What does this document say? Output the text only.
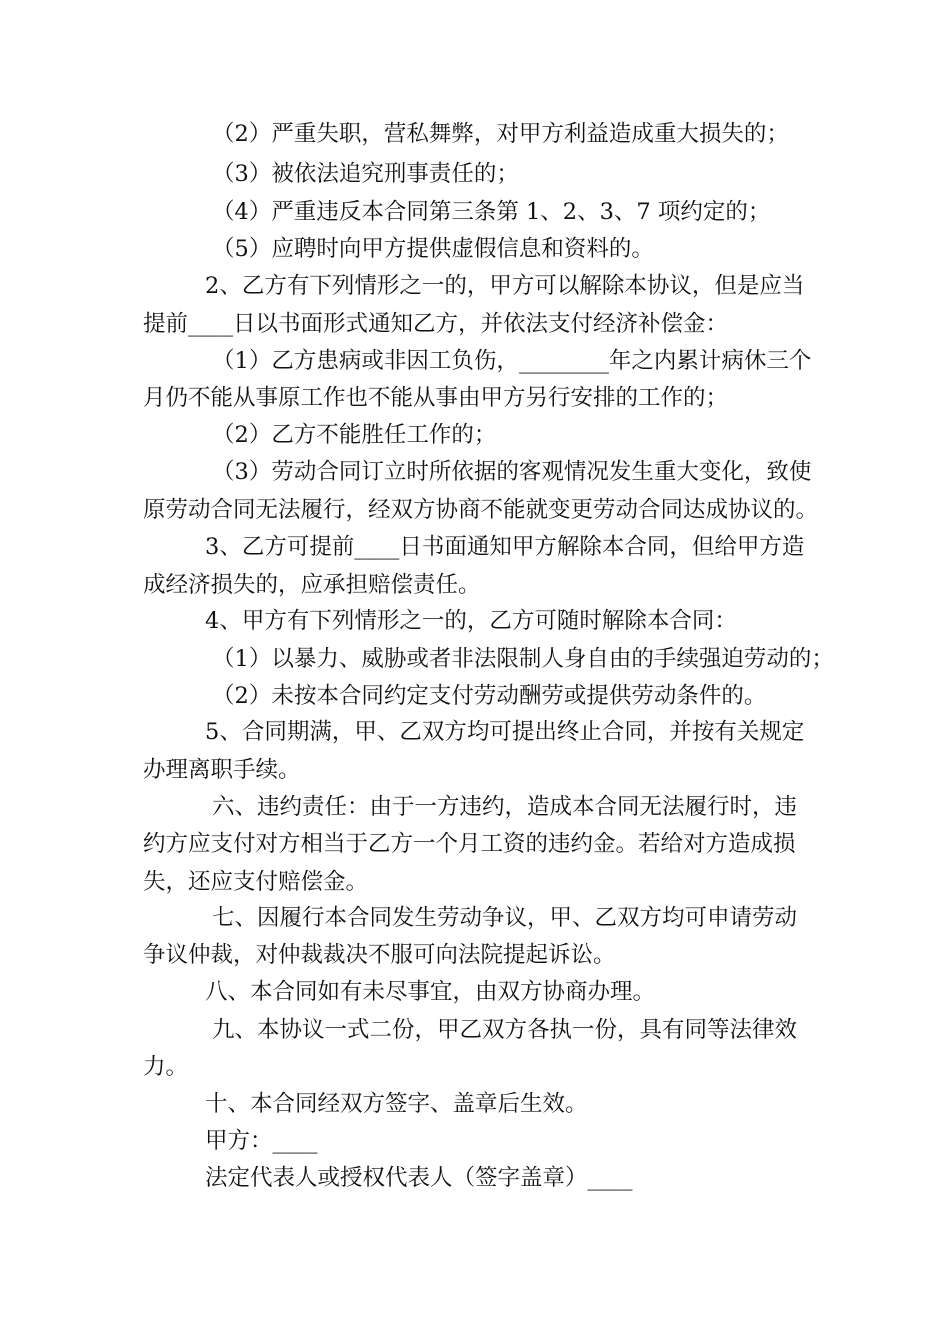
（2）严重失职，营私舞弊，对甲方利益造成重大损失的；
（3）被依法追究刑事责任的；
（4）严重违反本合同第三条第 1、2、3、7 项约定的；
（5）应聘时向甲方提供虚假信息和资料的。
2、乙方有下列情形之一的，甲方可以解除本协议，但是应当
提前____日以书面形式通知乙方，并依法支付经济补偿金：
（1）乙方患病或非因工负伤，________年之内累计病休三个
月仍不能从事原工作也不能从事由甲方另行安排的工作的；
（2）乙方不能胜任工作的；
（3）劳动合同订立时所依据的客观情况发生重大变化，致使
原劳动合同无法履行，经双方协商不能就变更劳动合同达成协议的。
3、乙方可提前____日书面通知甲方解除本合同，但给甲方造
成经济损失的，应承担赔偿责任。
4、甲方有下列情形之一的，乙方可随时解除本合同：
（1）以暴力、威胁或者非法限制人身自由的手续强迫劳动的；
（2）未按本合同约定支付劳动酬劳或提供劳动条件的。
5、合同期满，甲、乙双方均可提出终止合同，并按有关规定
办理离职手续。
六、违约责任：由于一方违约，造成本合同无法履行时，违
约方应支付对方相当于乙方一个月工资的违约金。若给对方造成损
失，还应支付赔偿金。
七、因履行本合同发生劳动争议，甲、乙双方均可申请劳动
争议仲裁，对仲裁裁决不服可向法院提起诉讼。
八、本合同如有未尽事宜，由双方协商办理。
九、本协议一式二份，甲乙双方各执一份，具有同等法律效
力。
十、本合同经双方签字、盖章后生效。
甲方：____
法定代表人或授权代表人（签字盖章）____
